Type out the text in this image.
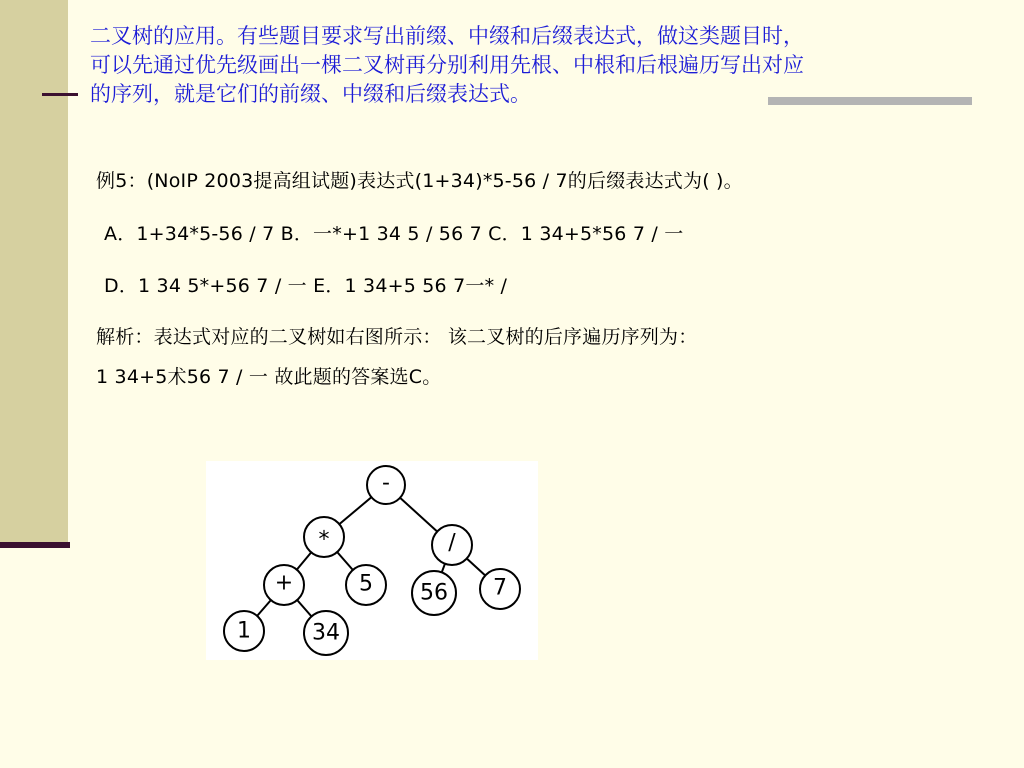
二叉树的应用。有些题目要求写出前缀、中缀和后缀表达式，做这类题目时，
可以先通过优先级画出一棵二叉树再分别利用先根、中根和后根遍历写出对应
的序列，就是它们的前缀、中缀和后缀表达式。
例5：(NoIP 2003提高组试题)表达式(1+34)*5-56 / 7的后缀表达式为( )。
A．1+34*5-56 / 7 B．一*+1 34 5 / 56 7 C．1 34+5*56 7 / 一
D．1 34 5*+56 7 / 一 E．1 34+5 56 7一* /
解析：表达式对应的二叉树如右图所示： 该二叉树的后序遍历序列为：
1 34+5术56 7 / 一 故此题的答案选C。
-
*	/
+	5 56 7
1	34
